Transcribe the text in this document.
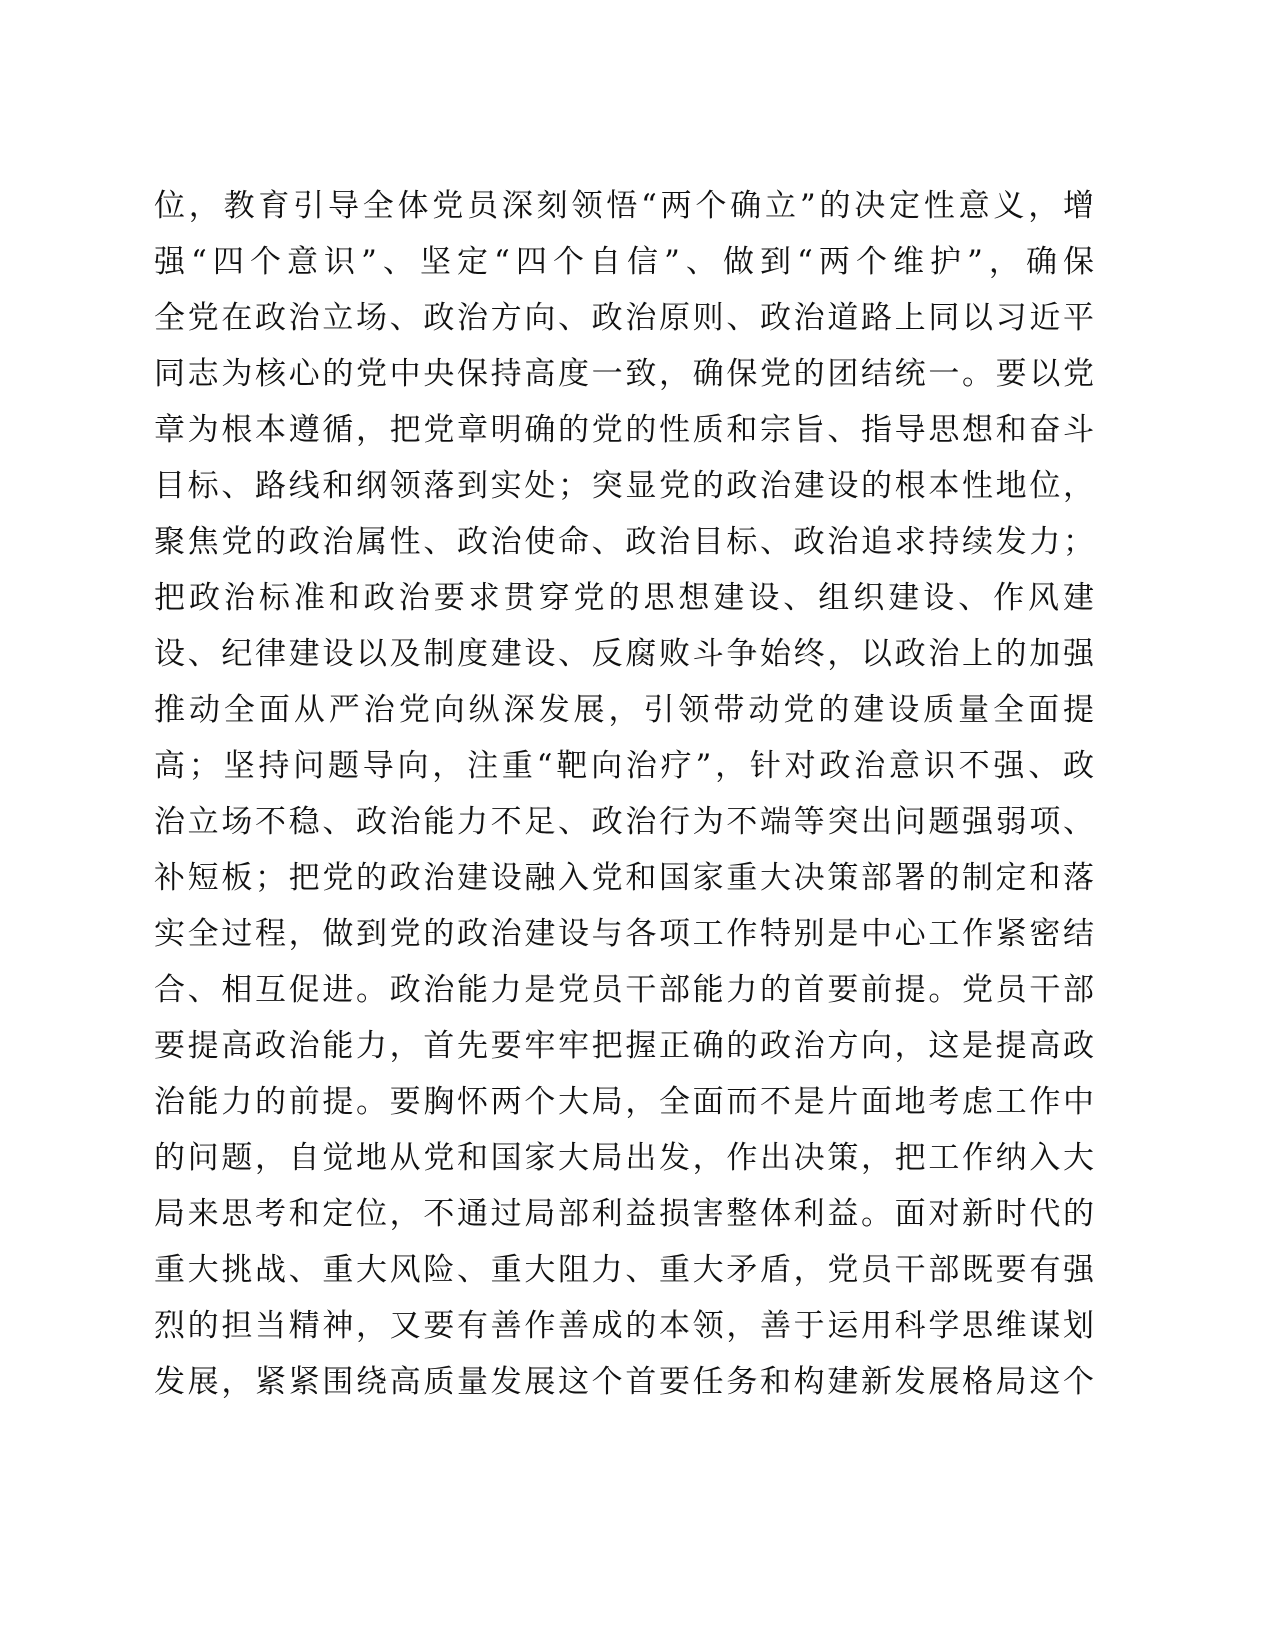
位，教育引导全体党员深刻领悟“两个确立”的决定性意义，增
强“四个意识”、坚定“四个自信”、做到“两个维护”，确保
全党在政治立场、政治方向、政治原则、政治道路上同以习近平
同志为核心的党中央保持高度一致，确保党的团结统一。要以党
章为根本遵循，把党章明确的党的性质和宗旨、指导思想和奋斗
目标、路线和纲领落到实处；突显党的政治建设的根本性地位，
聚焦党的政治属性、政治使命、政治目标、政治追求持续发力；
把政治标准和政治要求贯穿党的思想建设、组织建设、作风建
设、纪律建设以及制度建设、反腐败斗争始终，以政治上的加强
推动全面从严治党向纵深发展，引领带动党的建设质量全面提
高；坚持问题导向，注重“靶向治疗”，针对政治意识不强、政
治立场不稳、政治能力不足、政治行为不端等突出问题强弱项、
补短板；把党的政治建设融入党和国家重大决策部署的制定和落
实全过程，做到党的政治建设与各项工作特别是中心工作紧密结
合、相互促进。政治能力是党员干部能力的首要前提。党员干部
要提高政治能力，首先要牢牢把握正确的政治方向，这是提高政
治能力的前提。要胸怀两个大局，全面而不是片面地考虑工作中
的问题，自觉地从党和国家大局出发，作出决策，把工作纳入大
局来思考和定位，不通过局部利益损害整体利益。面对新时代的
重大挑战、重大风险、重大阻力、重大矛盾，党员干部既要有强
烈的担当精神，又要有善作善成的本领，善于运用科学思维谋划
发展，紧紧围绕高质量发展这个首要任务和构建新发展格局这个
